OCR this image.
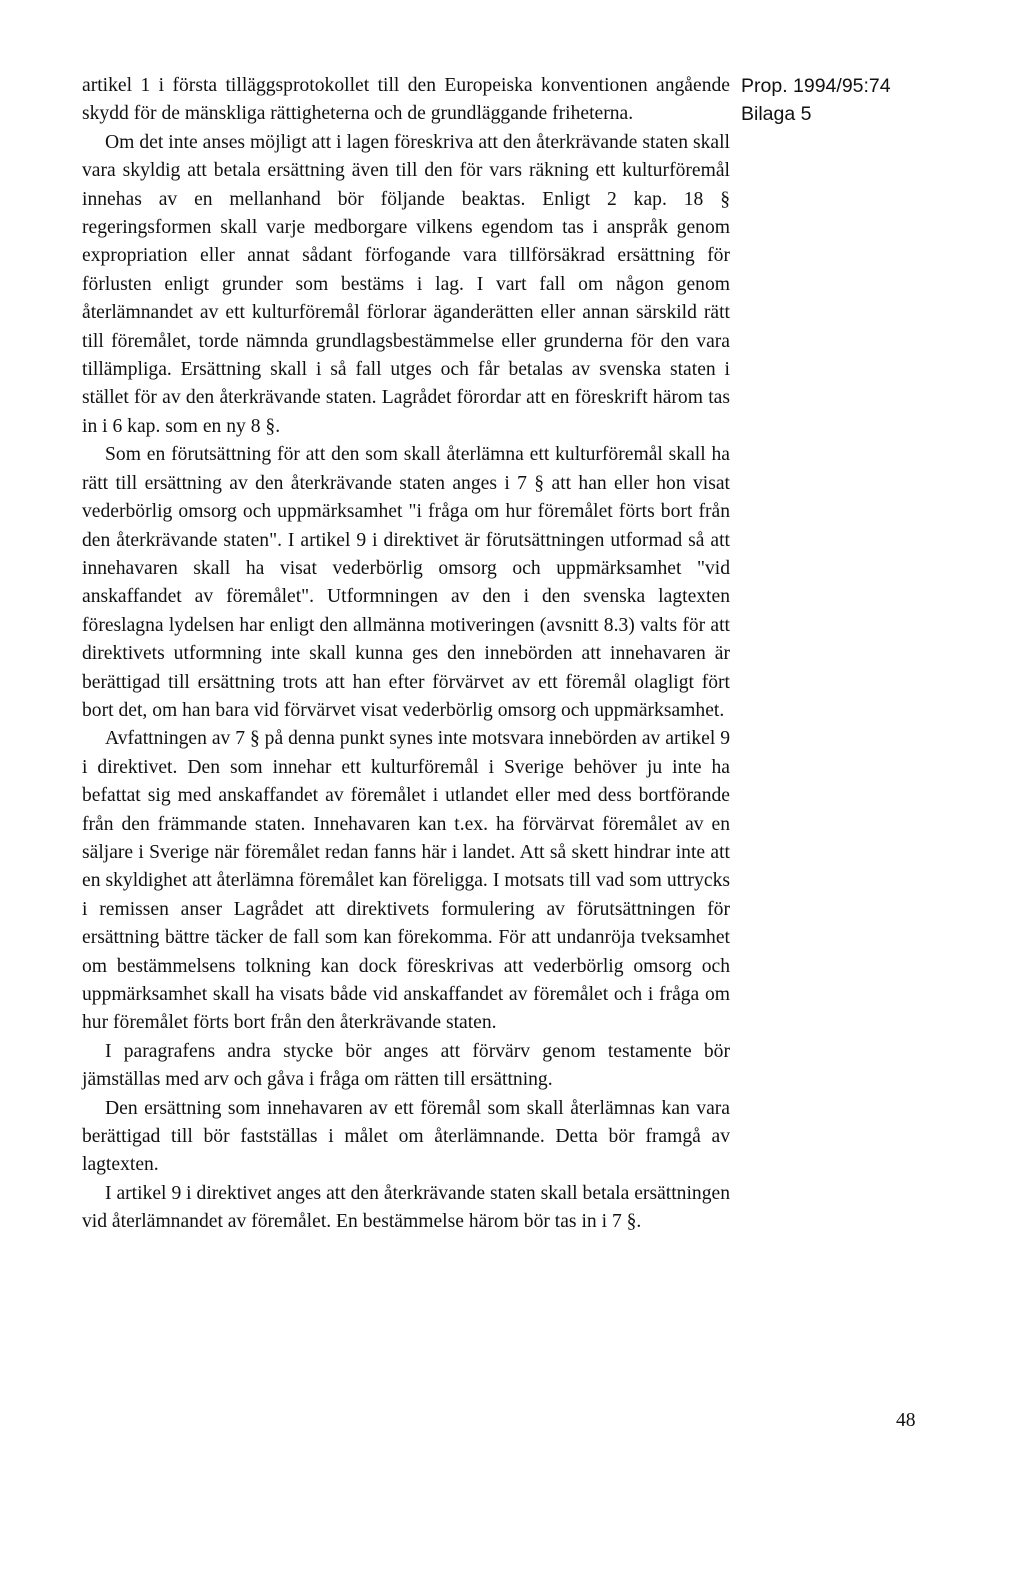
artikel 1 i första tilläggsprotokollet till den Europeiska konventionen angående skydd för de mänskliga rättigheterna och de grundläggande friheterna.

Om det inte anses möjligt att i lagen föreskriva att den återkrävande staten skall vara skyldig att betala ersättning även till den för vars räkning ett kulturföremål innehas av en mellanhand bör följande beaktas. Enligt 2 kap. 18 § regeringsformen skall varje medborgare vilkens egendom tas i anspråk genom expropriation eller annat sådant förfogande vara tillförsäkrad ersättning för förlusten enligt grunder som bestäms i lag. I vart fall om någon genom återlämnandet av ett kulturföremål förlorar äganderätten eller annan särskild rätt till föremålet, torde nämnda grundlagsbestämmelse eller grunderna för den vara tillämpliga. Ersättning skall i så fall utges och får betalas av svenska staten i stället för av den återkrävande staten. Lagrådet förordar att en föreskrift härom tas in i 6 kap. som en ny 8 §.

Som en förutsättning för att den som skall återlämna ett kulturföremål skall ha rätt till ersättning av den återkrävande staten anges i 7 § att han eller hon visat vederbörlig omsorg och uppmärksamhet "i fråga om hur föremålet förts bort från den återkrävande staten". I artikel 9 i direktivet är förutsättningen utformad så att innehavaren skall ha visat vederbörlig omsorg och uppmärksamhet "vid anskaffandet av föremålet". Utformningen av den i den svenska lagtexten föreslagna lydelsen har enligt den allmänna motiveringen (avsnitt 8.3) valts för att direktivets utformning inte skall kunna ges den innebörden att innehavaren är berättigad till ersättning trots att han efter förvärvet av ett föremål olagligt fört bort det, om han bara vid förvärvet visat vederbörlig omsorg och uppmärksamhet.

Avfattningen av 7 § på denna punkt synes inte motsvara innebörden av artikel 9 i direktivet. Den som innehar ett kulturföremål i Sverige behöver ju inte ha befattat sig med anskaffandet av föremålet i utlandet eller med dess bortförande från den främmande staten. Innehavaren kan t.ex. ha förvärvat föremålet av en säljare i Sverige när föremålet redan fanns här i landet. Att så skett hindrar inte att en skyldighet att återlämna föremålet kan föreligga. I motsats till vad som uttrycks i remissen anser Lagrådet att direktivets formulering av förutsättningen för ersättning bättre täcker de fall som kan förekomma. För att undanröja tveksamhet om bestämmelsens tolkning kan dock föreskrivas att vederbörlig omsorg och uppmärksamhet skall ha visats både vid anskaffandet av föremålet och i fråga om hur föremålet förts bort från den återkrävande staten.

I paragrafens andra stycke bör anges att förvärv genom testamente bör jämställas med arv och gåva i fråga om rätten till ersättning.

Den ersättning som innehavaren av ett föremål som skall återlämnas kan vara berättigad till bör fastställas i målet om återlämnande. Detta bör framgå av lagtexten.

I artikel 9 i direktivet anges att den återkrävande staten skall betala ersättningen vid återlämnandet av föremålet. En bestämmelse härom bör tas in i 7 §.

Prop. 1994/95:74
Bilaga 5
48
